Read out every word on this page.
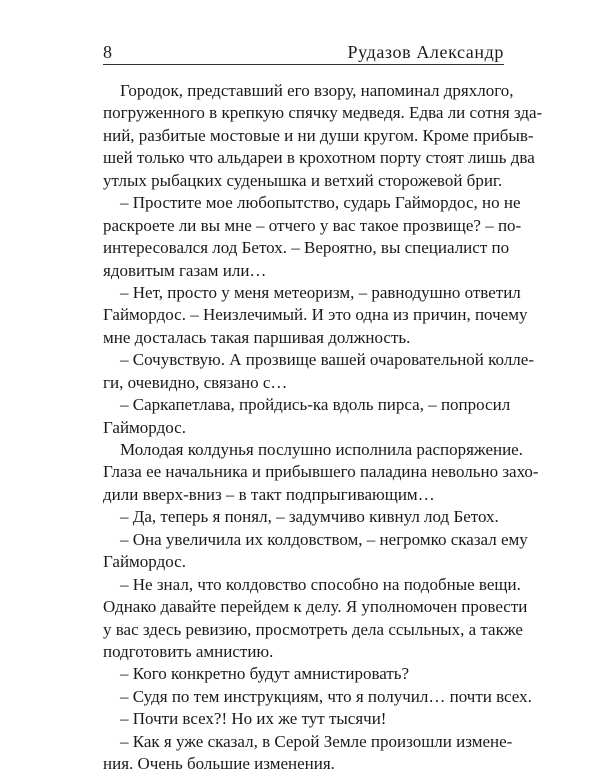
8	Рудазов Александр
Городок, представший его взору, напоминал дряхлого,
погруженного в крепкую спячку медведя. Едва ли сотня зда-
ний, разбитые мостовые и ни души кругом. Кроме прибыв-
шей только что альдареи в крохотном порту стоят лишь два
утлых рыбацких суденышка и ветхий сторожевой бриг.
– Простите мое любопытство, сударь Гаймордос, но не
раскроете ли вы мне – отчего у вас такое прозвище? – по-
интересовался лод Бетох. – Вероятно, вы специалист по
ядовитым газам или…
– Нет, просто у меня метеоризм, – равнодушно ответил
Гаймордос. – Неизлечимый. И это одна из причин, почему
мне досталась такая паршивая должность.
– Сочувствую. А прозвище вашей очаровательной колле-
ги, очевидно, связано с…
– Саркапетлава, пройдись-ка вдоль пирса, – попросил
Гаймордос.
Молодая колдунья послушно исполнила распоряжение.
Глаза ее начальника и прибывшего паладина невольно захо-
дили вверх-вниз – в такт подпрыгивающим…
– Да, теперь я понял, – задумчиво кивнул лод Бетох.
– Она увеличила их колдовством, – негромко сказал ему
Гаймордос.
– Не знал, что колдовство способно на подобные вещи.
Однако давайте перейдем к делу. Я уполномочен провести
у вас здесь ревизию, просмотреть дела ссыльных, а также
подготовить амнистию.
– Кого конкретно будут амнистировать?
– Судя по тем инструкциям, что я получил… почти всех.
– Почти всех?! Но их же тут тысячи!
– Как я уже сказал, в Серой Земле произошли измене-
ния. Очень большие изменения.
